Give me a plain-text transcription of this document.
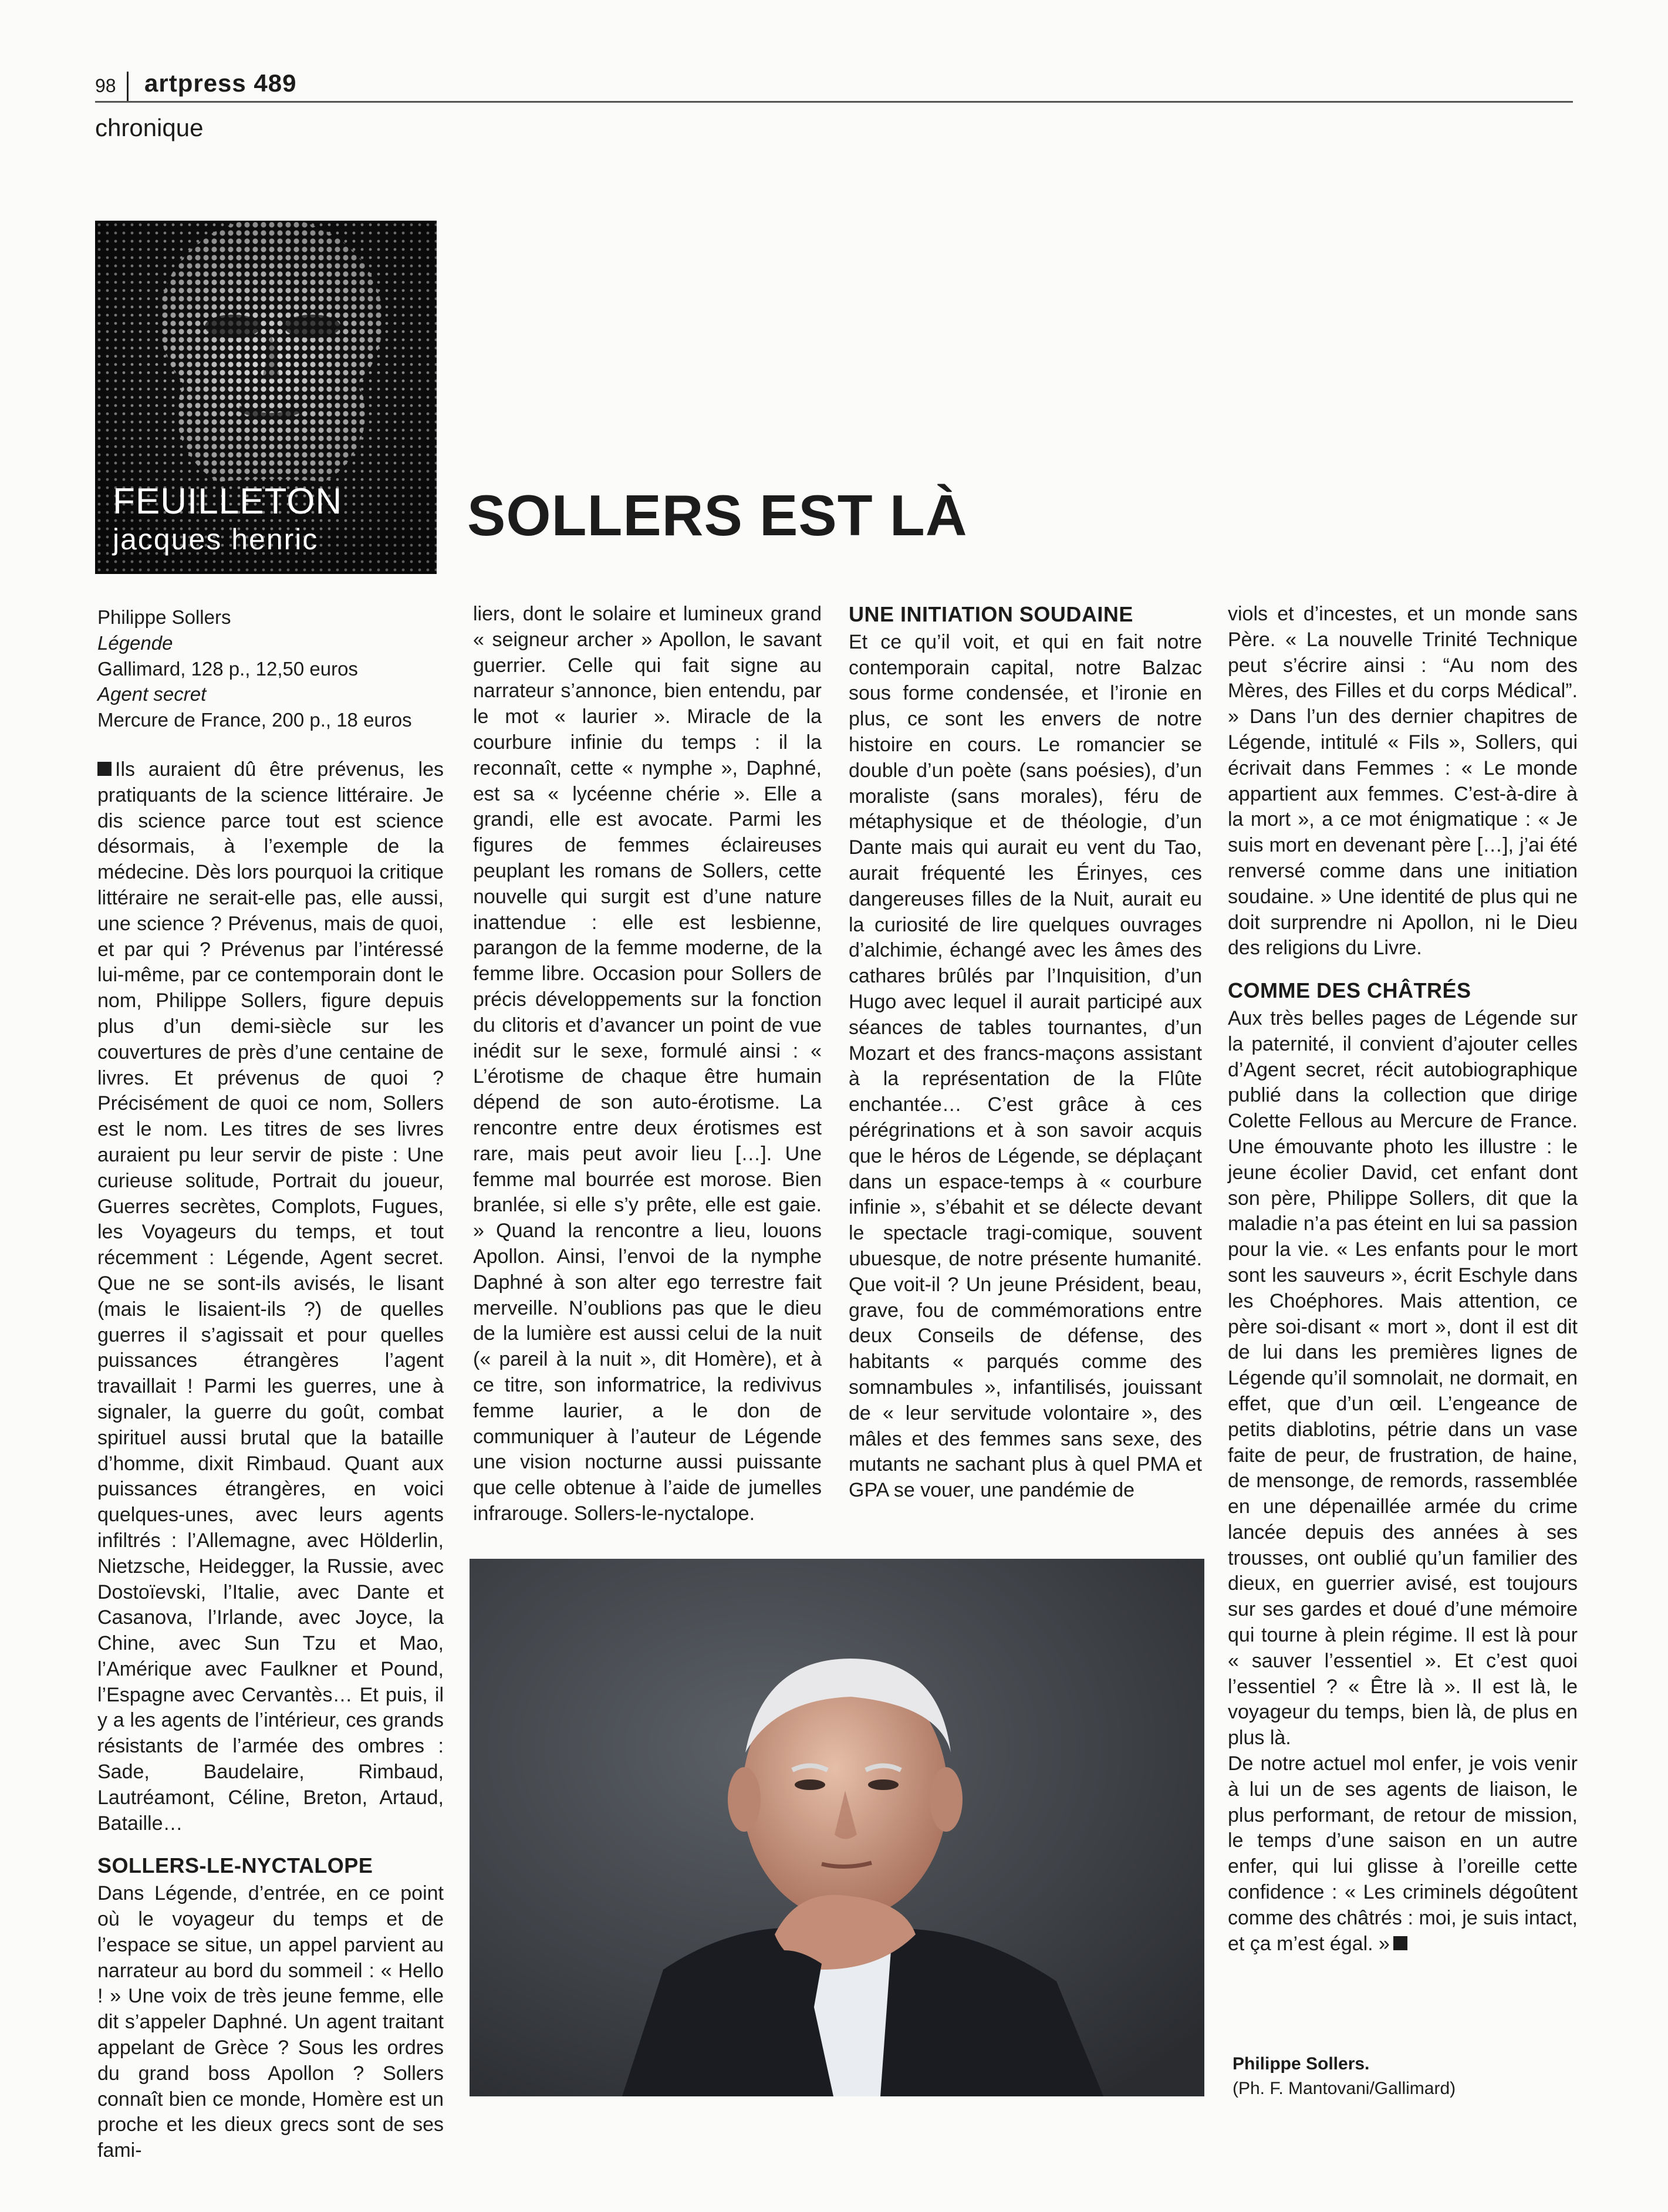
98 artpress 489
chronique
FEUILLETON
jacques henric	SOLLERS EST LÀ
Philippe Sollers
Légende
Gallimard, 128 p., 12,50 euros
Agent secret
Mercure de France, 200 p., 18 euros

Ils auraient dû être prévenus, les pratiquants de la science littéraire. Je dis science parce tout est science désormais, à l’exemple de la médecine. Dès lors pourquoi la critique littéraire ne serait-elle pas, elle aussi, une science ? Prévenus, mais de quoi, et par qui ? Prévenus par l’intéressé lui-même, par ce contemporain dont le nom, Philippe Sollers, figure depuis plus d’un demi-siècle sur les couvertures de près d’une centaine de livres. Et prévenus de quoi ? Précisément de quoi ce nom, Sollers est le nom. Les titres de ses livres auraient pu leur servir de piste : Une curieuse solitude, Portrait du joueur, Guerres secrètes, Complots, Fugues, les Voyageurs du temps, et tout récemment : Légende, Agent secret. Que ne se sont-ils avisés, le lisant (mais le lisaient-ils ?) de quelles guerres il s’agissait et pour quelles puissances étrangères l’agent travaillait ! Parmi les guerres, une à signaler, la guerre du goût, combat spirituel aussi brutal que la bataille d’homme, dixit Rimbaud. Quant aux puissances étrangères, en voici quelques-unes, avec leurs agents infiltrés : l’Allemagne, avec Hölderlin, Nietzsche, Heidegger, la Russie, avec Dostoïevski, l’Italie, avec Dante et Casanova, l’Irlande, avec Joyce, la Chine, avec Sun Tzu et Mao, l’Amérique avec Faulkner et Pound, l’Espagne avec Cervantès… Et puis, il y a les agents de l’intérieur, ces grands résistants de l’armée des ombres : Sade, Baudelaire, Rimbaud, Lautréamont, Céline, Breton, Artaud, Bataille…

SOLLERS-LE-NYCTALOPE

Dans Légende, d’entrée, en ce point où le voyageur du temps et de l’espace se situe, un appel parvient au narrateur au bord du sommeil : « Hello ! » Une voix de très jeune femme, elle dit s’appeler Daphné. Un agent traitant appelant de Grèce ? Sous les ordres du grand boss Apollon ? Sollers connaît bien ce monde, Homère est un proche et les dieux grecs sont de ses fami-

liers, dont le solaire et lumineux grand « seigneur archer » Apollon, le savant guerrier. Celle qui fait signe au narrateur s’annonce, bien entendu, par le mot « laurier ». Miracle de la courbure infinie du temps : il la reconnaît, cette « nymphe », Daphné, est sa « lycéenne chérie ». Elle a grandi, elle est avocate. Parmi les figures de femmes éclaireuses peuplant les romans de Sollers, cette nouvelle qui surgit est d’une nature inattendue : elle est lesbienne, parangon de la femme moderne, de la femme libre. Occasion pour Sollers de précis développements sur la fonction du clitoris et d’avancer un point de vue inédit sur le sexe, formulé ainsi : « L’érotisme de chaque être humain dépend de son auto-érotisme. La rencontre entre deux érotismes est rare, mais peut avoir lieu […]. Une femme mal bourrée est morose. Bien branlée, si elle s’y prête, elle est gaie. » Quand la rencontre a lieu, louons Apollon. Ainsi, l’envoi de la nymphe Daphné à son alter ego terrestre fait merveille. N’oublions pas que le dieu de la lumière est aussi celui de la nuit (« pareil à la nuit », dit Homère), et à ce titre, son informatrice, la redivivus femme laurier, a le don de communiquer à l’auteur de Légende une vision nocturne aussi puissante que celle obtenue à l’aide de jumelles infrarouge. Sollers-le-nyctalope.

UNE INITIATION SOUDAINE

Et ce qu’il voit, et qui en fait notre contemporain capital, notre Balzac sous forme condensée, et l’ironie en plus, ce sont les envers de notre histoire en cours. Le romancier se double d’un poète (sans poésies), d’un moraliste (sans morales), féru de métaphysique et de théologie, d’un Dante mais qui aurait eu vent du Tao, aurait fréquenté les Érinyes, ces dangereuses filles de la Nuit, aurait eu la curiosité de lire quelques ouvrages d’alchimie, échangé avec les âmes des cathares brûlés par l’Inquisition, d’un Hugo avec lequel il aurait participé aux séances de tables tournantes, d’un Mozart et des francs-maçons assistant à la représentation de la Flûte enchantée… C’est grâce à ces pérégrinations et à son savoir acquis que le héros de Légende, se déplaçant dans un espace-temps à « courbure infinie », s’ébahit et se délecte devant le spectacle tragi-comique, souvent ubuesque, de notre présente humanité. Que voit-il ? Un jeune Président, beau, grave, fou de commémorations entre deux Conseils de défense, des habitants « parqués comme des somnambules », infantilisés, jouissant de « leur servitude volontaire », des mâles et des femmes sans sexe, des mutants ne sachant plus à quel PMA et GPA se vouer, une pandémie de

viols et d’incestes, et un monde sans Père. « La nouvelle Trinité Technique peut s’écrire ainsi : “Au nom des Mères, des Filles et du corps Médical”. » Dans l’un des dernier chapitres de Légende, intitulé « Fils », Sollers, qui écrivait dans Femmes : « Le monde appartient aux femmes. C’est-à-dire à la mort », a ce mot énigmatique : « Je suis mort en devenant père […], j’ai été renversé comme dans une initiation soudaine. » Une identité de plus qui ne doit surprendre ni Apollon, ni le Dieu des religions du Livre.

COMME DES CHÂTRÉS

Aux très belles pages de Légende sur la paternité, il convient d’ajouter celles d’Agent secret, récit autobiographique publié dans la collection que dirige Colette Fellous au Mercure de France. Une émouvante photo les illustre : le jeune écolier David, cet enfant dont son père, Philippe Sollers, dit que la maladie n’a pas éteint en lui sa passion pour la vie. « Les enfants pour le mort sont les sauveurs », écrit Eschyle dans les Choéphores. Mais attention, ce père soi-disant « mort », dont il est dit de lui dans les premières lignes de Légende qu’il somnolait, ne dormait, en effet, que d’un œil. L’engeance de petits diablotins, pétrie dans un vase faite de peur, de frustration, de haine, de mensonge, de remords, rassemblée en une dépenaillée armée du crime lancée depuis des années à ses trousses, ont oublié qu’un familier des dieux, en guerrier avisé, est toujours sur ses gardes et doué d’une mémoire qui tourne à plein régime. Il est là pour « sauver l’essentiel ». Et c’est quoi l’essentiel ? « Être là ». Il est là, le voyageur du temps, bien là, de plus en plus là.

De notre actuel mol enfer, je vois venir à lui un de ses agents de liaison, le plus performant, de retour de mission, le temps d’une saison en un autre enfer, qui lui glisse à l’oreille cette confidence : « Les criminels dégoûtent comme des châtrés : moi, je suis intact, et ça m’est égal. »

Philippe Sollers.
(Ph. F. Mantovani/Gallimard)
